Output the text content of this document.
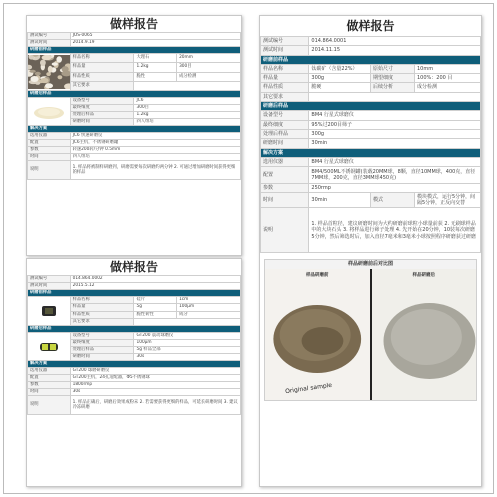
做样报告
测试编号	JOS-0065		
测试时间	2014.9.19		
研磨前样品			

	样品名称	大理石	20mm
	样品量	1.2kg	300目
	样品性质	脆性	成分检测
	其它要求		
研磨后样品			

	设备型号	JC6	
	最终细度	300目	
	处理后样品	1.2kg	
	研磨时间	四人组培	
解决方案			
选用仪器	JC6 快速研磨仪		
配置	JC6主机，不锈钢研磨罐		
参数	转速200转/分钟 0.5mm		
时间	四人组培		
说明	1. 样品将被制样研磨到，研磨需要每次研磨约两分钟 2. 可通过增加研磨时间获得更细的样品		
做样报告
测试编号	014.864.0002		
测试时间	2015.5.12		
研磨前样品			

	样品名称	硅片	1cm
	样品量	5g	100μm
	样品性质	脆性韧性	成分
	其它要求		
研磨后样品			

	设备型号	GT200 震动球磨仪	
	最终细度	100μm	
	处理后样品	5g 样品全部	
	研磨时间	30s	
解决方案			
选用仪器	GT200 球磨研磨仪		
配置	GT200主机，24孔适配器，Φ5不锈钢球		
参数	1800rmp		
时间	30s		
说明	1. 样品正确后，研磨后效果成粉末 2. 若需要获得更细的样品，可延长研磨时间 3. 建议冷冻研磨		
做样报告
测试编号	014.864.0001		
测试时间	2014.11.15		
研磨前样品			
样品名称	钛碳矿（含量22%）	原始尺寸	10mm
样品量	300g	期望细度	100%：200 目
样品性质	脆硬	后续分析	成分检测
其它要求			
研磨后样品			
设备型号	BM4 行星式球磨仪		
最终细度	95%过200目筛子		
处理后样品	300g		
研磨时间	30min		
解决方案			
选用仪器	BM4 行星式球磨仪		
配置	BM4/500ML不锈钢罐(装载20MM球，8颗，直径10MM球，400克，直径7MM球，200克，直径3MM球450克)		
参数	250rmp		
时间	30min	模式	模块模式，运行5分钟，间隔5分钟，正反向交替
说明	1. 样品首粒径，建议研磨时间为大约研磨前球粒小球量前获 2. 无刷球样品中的大块石头 3. 将样品进行筛子处理 4. 先开始在20分钟，10装每次研磨5分钟，然后筛选时后，加入直径7毫米和3毫米小球按照程序研磨获过研磨		
样品研磨前后对比图
样品研磨前
Original sample
样品研磨后
